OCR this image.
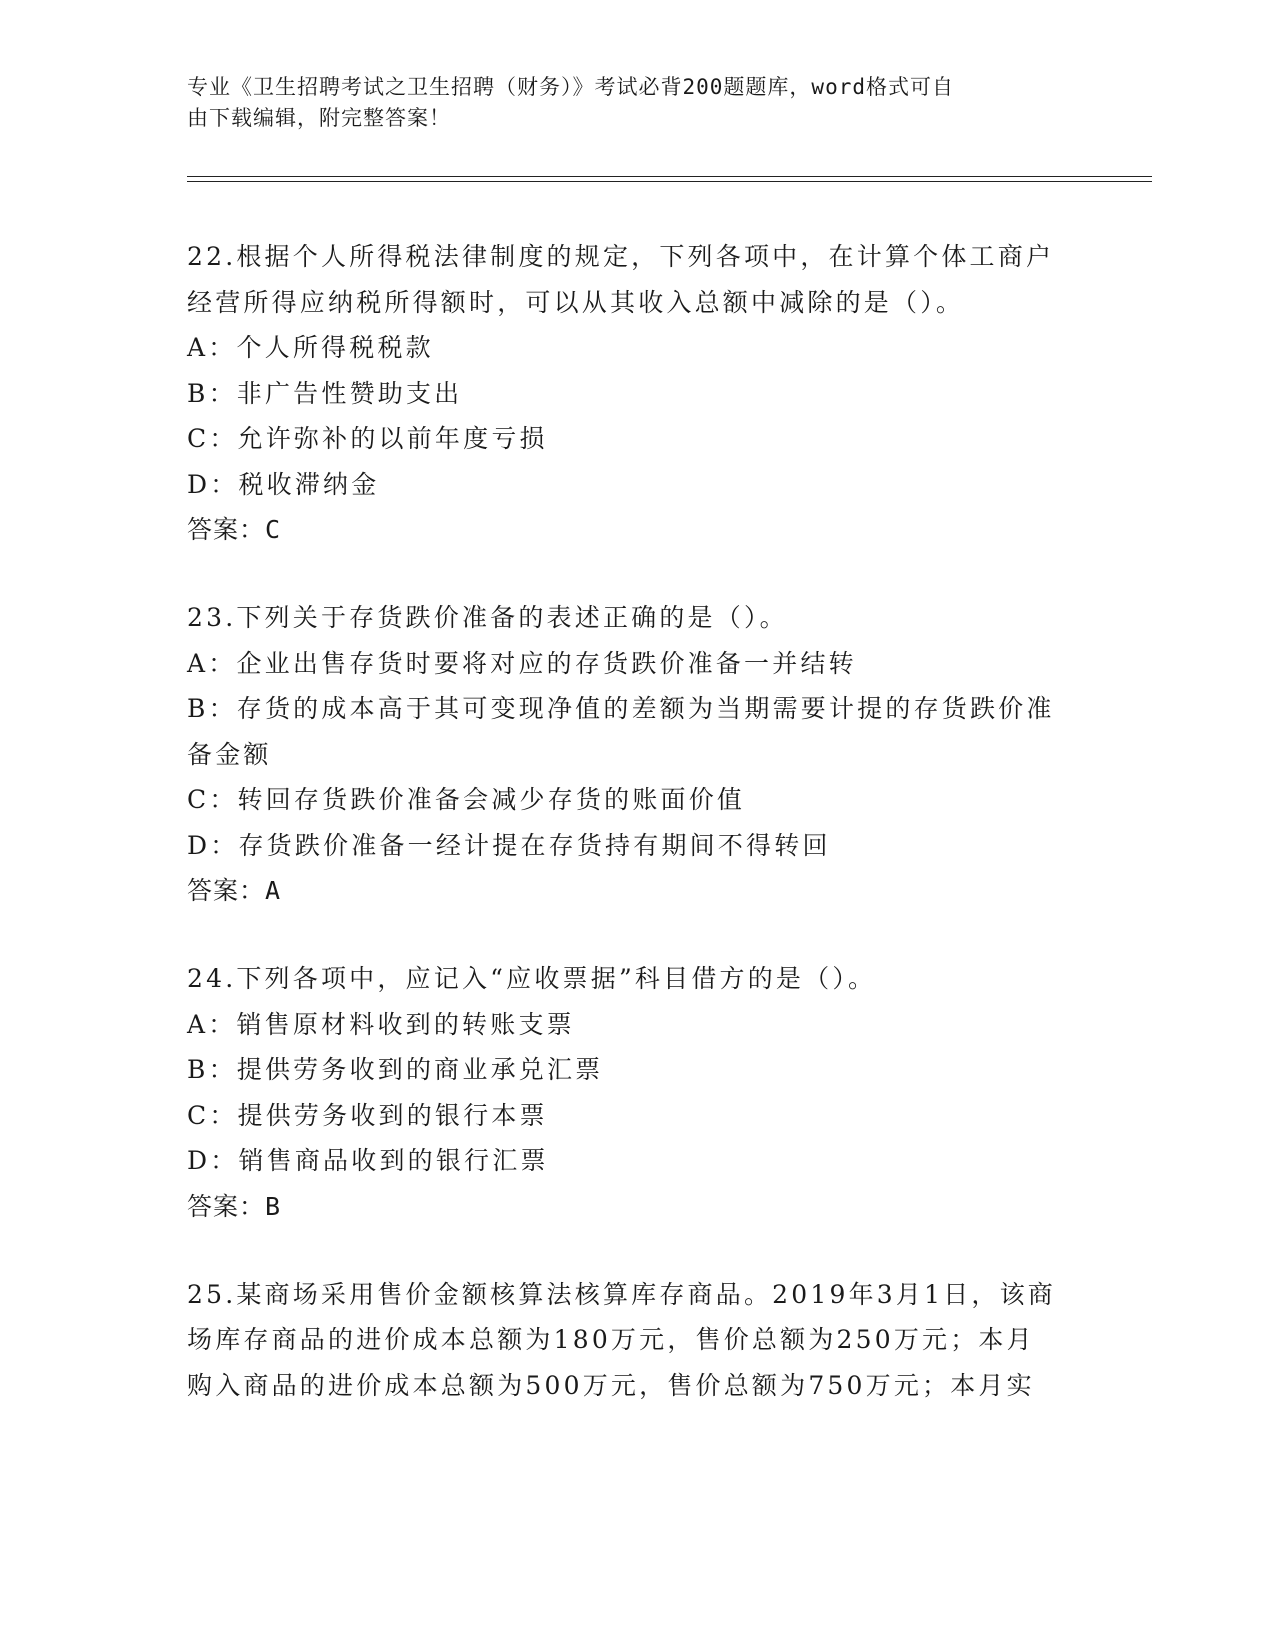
专业《卫生招聘考试之卫生招聘（财务）》考试必背200题题库，word格式可自
由下载编辑，附完整答案！
22.根据个人所得税法律制度的规定，下列各项中，在计算个体工商户
经营所得应纳税所得额时，可以从其收入总额中减除的是（）。
A：个人所得税税款
B：非广告性赞助支出
C：允许弥补的以前年度亏损
D：税收滞纳金
答案：C
23.下列关于存货跌价准备的表述正确的是（）。
A：企业出售存货时要将对应的存货跌价准备一并结转
B：存货的成本高于其可变现净值的差额为当期需要计提的存货跌价准
备金额
C：转回存货跌价准备会减少存货的账面价值
D：存货跌价准备一经计提在存货持有期间不得转回
答案：A
24.下列各项中，应记入“应收票据”科目借方的是（）。
A：销售原材料收到的转账支票
B：提供劳务收到的商业承兑汇票
C：提供劳务收到的银行本票
D：销售商品收到的银行汇票
答案：B
25.某商场采用售价金额核算法核算库存商品。2019年3月1日，该商
场库存商品的进价成本总额为180万元，售价总额为250万元；本月
购入商品的进价成本总额为500万元，售价总额为750万元；本月实
